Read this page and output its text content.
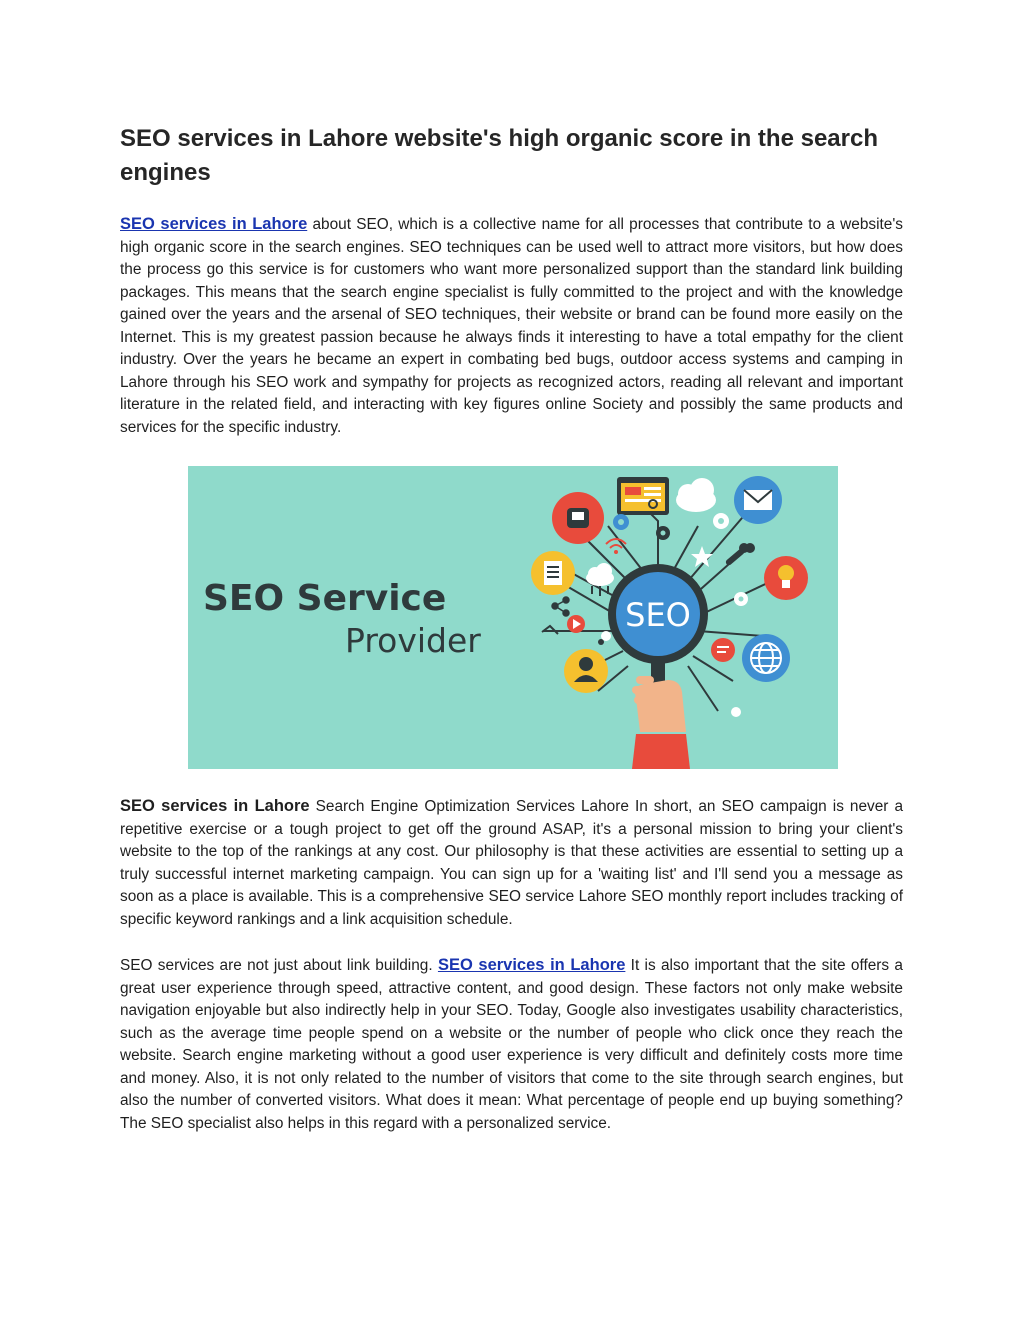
SEO services in Lahore website's high organic score in the search engines

SEO services in Lahore about SEO, which is a collective name for all processes that contribute to a website's high organic score in the search engines. SEO techniques can be used well to attract more visitors, but how does the process go this service is for customers who want more personalized support than the standard link building packages. This means that the search engine specialist is fully committed to the project and with the knowledge gained over the years and the arsenal of SEO techniques, their website or brand can be found more easily on the Internet. This is my greatest passion because he always finds it interesting to have a total empathy for the client industry. Over the years he became an expert in combating bed bugs, outdoor access systems and camping in Lahore through his SEO work and sympathy for projects as recognized actors, reading all relevant and important literature in the related field, and interacting with key figures online Society and possibly the same products and services for the specific industry.

SEO Service
Provider
SEO

SEO services in Lahore Search Engine Optimization Services Lahore In short, an SEO campaign is never a repetitive exercise or a tough project to get off the ground ASAP, it's a personal mission to bring your client's website to the top of the rankings at any cost. Our philosophy is that these activities are essential to setting up a truly successful internet marketing campaign. You can sign up for a 'waiting list' and I'll send you a message as soon as a place is available. This is a comprehensive SEO service Lahore SEO monthly report includes tracking of specific keyword rankings and a link acquisition schedule.

SEO services are not just about link building. SEO services in Lahore It is also important that the site offers a great user experience through speed, attractive content, and good design. These factors not only make website navigation enjoyable but also indirectly help in your SEO. Today, Google also investigates usability characteristics, such as the average time people spend on a website or the number of people who click once they reach the website. Search engine marketing without a good user experience is very difficult and definitely costs more time and money. Also, it is not only related to the number of visitors that come to the site through search engines, but also the number of converted visitors. What does it mean: What percentage of people end up buying something? The SEO specialist also helps in this regard with a personalized service.
